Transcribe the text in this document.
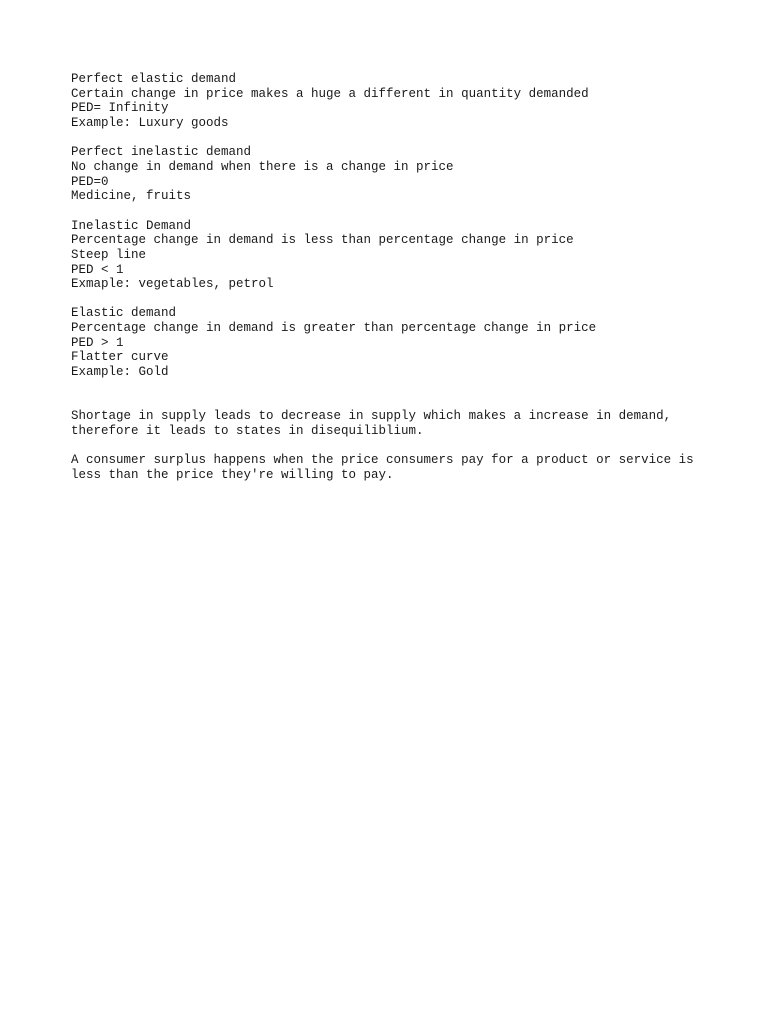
Perfect elastic demand
Certain change in price makes a huge a different in quantity demanded
PED= Infinity
Example: Luxury goods
Perfect inelastic demand
No change in demand when there is a change in price
PED=0
Medicine, fruits
Inelastic Demand
Percentage change in demand is less than percentage change in price
Steep line
PED < 1
Exmaple: vegetables, petrol
Elastic demand
Percentage change in demand is greater than percentage change in price
PED > 1
Flatter curve
Example: Gold
Shortage in supply leads to decrease in supply which makes a increase in demand,
therefore it leads to states in disequiliblium.
A consumer surplus happens when the price consumers pay for a product or service is
less than the price they're willing to pay.
